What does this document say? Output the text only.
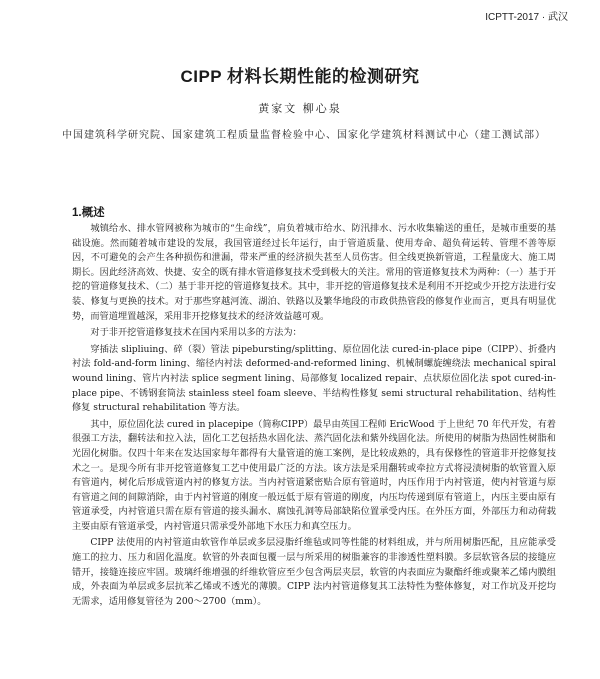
ICPTT-2017 · 武汉
CIPP 材料长期性能的检测研究
黄家文 柳心泉
中国建筑科学研究院、国家建筑工程质量监督检验中心、国家化学建筑材料测试中心（建工测试部）
1.概述

城镇给水、排水管网被称为城市的“生命线”，肩负着城市给水、防汛排水、污水收集输送的重任，是城市重要的基础设施。然而随着城市建设的发展，我国管道经过长年运行，由于管道质量、使用寿命、超负荷运转、管理不善等原因，不可避免的会产生各种损伤和泄漏，带来严重的经济损失甚至人员伤害。但全线更换新管道，工程量庞大、施工周期长。因此经济高效、快捷、安全的既有排水管道修复技术受到极大的关注。常用的管道修复技术为两种：（一）基于开挖的管道修复技术、（二）基于非开挖的管道修复技术。其中，非开挖的管道修复技术是利用不开挖或少开挖方法进行安装、修复与更换的技术。对于那些穿越河流、湖泊、铁路以及繁华地段的市政供热管段的修复作业而言，更具有明显优势，而管道埋置越深，采用非开挖修复技术的经济效益越可观。

对于非开挖管道修复技术在国内采用以多的方法为：

穿插法 slipliuing、碎（裂）管法 pipebursting/splitting、原位固化法 cured-in-place pipe（CIPP）、折叠内衬法 fold-and-form lining、缩径内衬法 deformed-and-reformed lining、机械制螺旋缠绕法 mechanical spiral wound lining、管片内衬法 splice segment lining、局部修复 localized repair、点状原位固化法 spot cured-in-place pipe、不锈钢套筒法 stainless steel foam sleeve、半结构性修复 semi structural rehabilitation、结构性修复 structural rehabilitation 等方法。

其中，原位固化法 cured in placepipe（简称CIPP）最早由英国工程师 EricWood 于上世纪 70 年代开发，有着很强工方法，翻转法和拉入法，固化工艺包括热水固化法、蒸汽固化法和紫外线固化法。所使用的树脂为热固性树脂和光固化树脂。仅四十年来在发达国家每年都得有大量管道的施工案例，是比较成熟的，具有保修性的管道非开挖修复技术之一。是现今所有非开挖管道修复工艺中使用最广泛的方法。该方法是采用翻转或牵拉方式将浸渍树脂的软管置入原有管道内，树化后形成管道内衬的修复方法。当内衬管道紧密贴合原有管道时，内压作用于内衬管道，使内衬管道与原有管道之间的间隙消除，由于内衬管道的刚度一般远低于原有管道的刚度，内压均传递到原有管道上，内压主要由原有管道承受，内衬管道只需在原有管道的接头漏水、腐蚀孔洞等局部缺陷位置承受内压。在外压方面，外部压力和动荷载主要由原有管道承受，内衬管道只需承受外部地下水压力和真空压力。

CIPP 法使用的内衬管道由软管作单层或多层浸脂纤维毡或同等性能的材料组成，并与所用树脂匹配，且应能承受施工的拉力、压力和固化温度。软管的外表面包覆一层与所采用的树脂兼容的非渗透性塑料膜。多层软管各层的接缝应错开，接缝连接应牢固。玻璃纤维增强的纤维软管应至少包含两层夹层，软管的内表面应为聚酯纤维或聚苯乙烯内膜组成，外表面为单层或多层抗苯乙烯或不透光的薄膜。CIPP 法内衬管道修复其工法特性为整体修复，对工作坑及开挖均无需求，适用修复管径为 200～2700（mm）。
